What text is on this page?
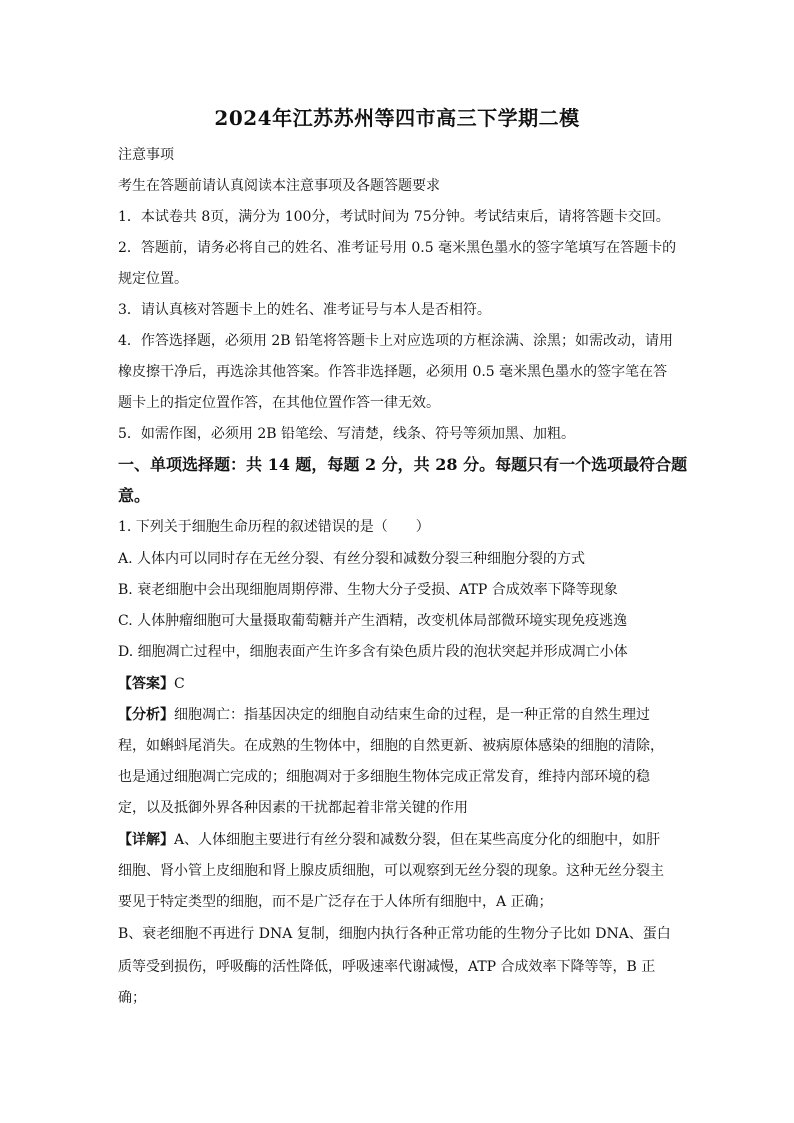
2024年江苏苏州等四市高三下学期二模
注意事项
考生在答题前请认真阅读本注意事项及各题答题要求
1．本试卷共 8页，满分为 100分，考试时间为 75分钟。考试结束后，请将答题卡交回。
2．答题前，请务必将自己的姓名、准考证号用 0.5 毫米黑色墨水的签字笔填写在答题卡的
规定位置。
3．请认真核对答题卡上的姓名、准考证号与本人是否相符。
4．作答选择题，必须用 2B 铅笔将答题卡上对应选项的方框涂满、涂黑；如需改动，请用
橡皮擦干净后，再选涂其他答案。作答非选择题，必须用 0.5 毫米黑色墨水的签字笔在答
题卡上的指定位置作答，在其他位置作答一律无效。
5．如需作图，必须用 2B 铅笔绘、写清楚，线条、符号等须加黑、加粗。
一、单项选择题：共 14 题，每题 2 分，共 28 分。每题只有一个选项最符合题
意。
1. 下列关于细胞生命历程的叙述错误的是（　　）
A. 人体内可以同时存在无丝分裂、有丝分裂和减数分裂三种细胞分裂的方式
B. 衰老细胞中会出现细胞周期停滞、生物大分子受损、ATP 合成效率下降等现象
C. 人体肿瘤细胞可大量摄取葡萄糖并产生酒精，改变机体局部微环境实现免疫逃逸
D. 细胞凋亡过程中，细胞表面产生许多含有染色质片段的泡状突起并形成凋亡小体
【答案】C
【分析】细胞凋亡：指基因决定的细胞自动结束生命的过程，是一种正常的自然生理过
程，如蝌蚪尾消失。在成熟的生物体中，细胞的自然更新、被病原体感染的细胞的清除，
也是通过细胞凋亡完成的；细胞凋对于多细胞生物体完成正常发育，维持内部环境的稳
定，以及抵御外界各种因素的干扰都起着非常关键的作用
【详解】A、人体细胞主要进行有丝分裂和减数分裂，但在某些高度分化的细胞中，如肝
细胞、肾小管上皮细胞和肾上腺皮质细胞，可以观察到无丝分裂的现象。这种无丝分裂主
要见于特定类型的细胞，而不是广泛存在于人体所有细胞中，A 正确；
B、衰老细胞不再进行 DNA 复制，细胞内执行各种正常功能的生物分子比如 DNA、蛋白
质等受到损伤，呼吸酶的活性降低，呼吸速率代谢减慢，ATP 合成效率下降等等，B 正
确；
